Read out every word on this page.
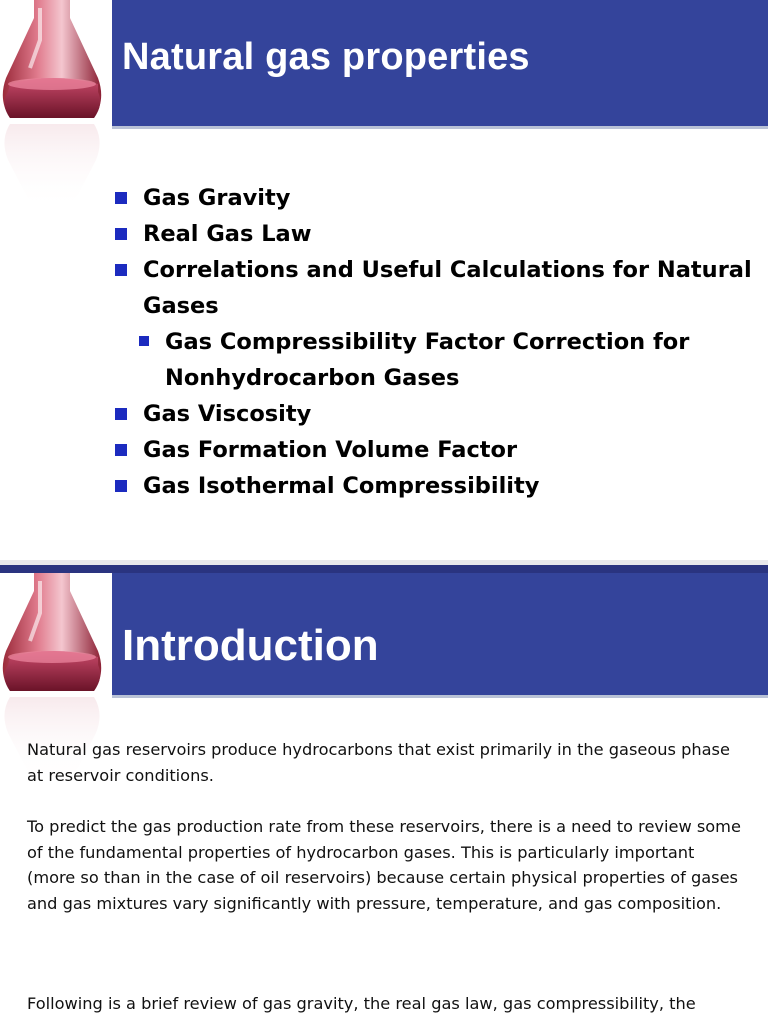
Natural gas properties
Gas Gravity
Real Gas Law
Correlations and Useful Calculations for Natural Gases
Gas Compressibility Factor Correction for Nonhydrocarbon Gases
Gas Viscosity
Gas Formation Volume Factor
Gas Isothermal Compressibility
Introduction
Natural gas reservoirs produce hydrocarbons that exist primarily in the gaseous phase at reservoir conditions.
To predict the gas production rate from these reservoirs, there is a need to review some of the fundamental properties of hydrocarbon gases. This is particularly important (more so than in the case of oil reservoirs) because certain physical properties of gases and gas mixtures vary significantly with pressure, temperature, and gas composition.
Following is a brief review of gas gravity, the real gas law, gas compressibility, the
